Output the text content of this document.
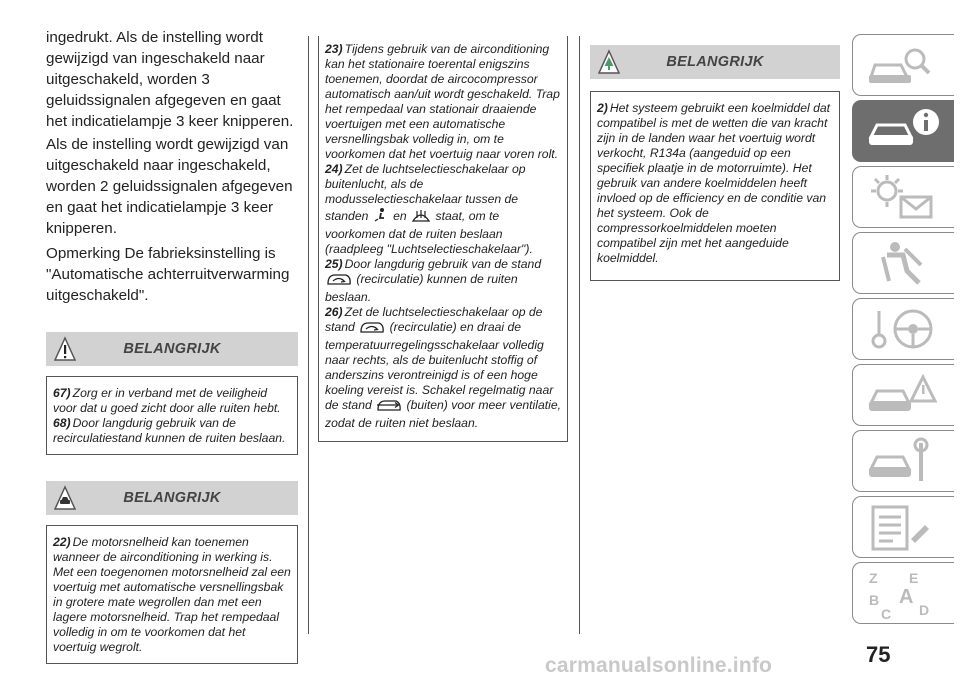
ingedrukt. Als de instelling wordt gewijzigd van ingeschakeld naar uitgeschakeld, worden 3 geluidssignalen afgegeven en gaat het indicatielampje 3 keer knipperen.

Als de instelling wordt gewijzigd van uitgeschakeld naar ingeschakeld, worden 2 geluidssignalen afgegeven en gaat het indicatielampje 3 keer knipperen.

Opmerking De fabrieksinstelling is "Automatische achterruitverwarming uitgeschakeld".

BELANGRIJK

67) Zorg er in verband met de veiligheid voor dat u goed zicht door alle ruiten hebt.

68) Door langdurig gebruik van de recirculatiestand kunnen de ruiten beslaan.

BELANGRIJK

22) De motorsnelheid kan toenemen wanneer de airconditioning in werking is. Met een toegenomen motorsnelheid zal een voertuig met automatische versnellingsbak in grotere mate wegrollen dan met een lagere motorsnelheid. Trap het rempedaal volledig in om te voorkomen dat het voertuig wegrolt.

23) Tijdens gebruik van de airconditioning kan het stationaire toerental enigszins toenemen, doordat de aircocompressor automatisch aan/uit wordt geschakeld. Trap het rempedaal van stationair draaiende voertuigen met een automatische versnellingsbak volledig in, om te voorkomen dat het voertuig naar voren rolt.

24) Zet de luchtselectieschakelaar op buitenlucht, als de modusselectieschakelaar tussen de standen en staat, om te voorkomen dat de ruiten beslaan (raadpleeg "Luchtselectieschakelaar").

25) Door langdurig gebruik van de stand
(recirculatie) kunnen de ruiten beslaan.

26) Zet de luchtselectieschakelaar op de stand	(recirculatie) en draai de temperatuurregelingsschakelaar volledig naar rechts, als de buitenlucht stoffig of anderszins verontreinigd is of een hoge koeling vereist is. Schakel regelmatig naar de stand	(buiten) voor meer ventilatie, zodat de ruiten niet beslaan.

BELANGRIJK

2) Het systeem gebruikt een koelmiddel dat compatibel is met de wetten die van kracht zijn in de landen waar het voertuig wordt verkocht, R134a (aangeduid op een specifiek plaatje in de motorruimte). Het gebruik van andere koelmiddelen heeft invloed op de efficiency en de conditie van het systeem. Ook de compressorkoelmiddelen moeten compatibel zijn met het aangeduide koelmiddel.

Z E
B A
C D
75
carmanualsonline.info
